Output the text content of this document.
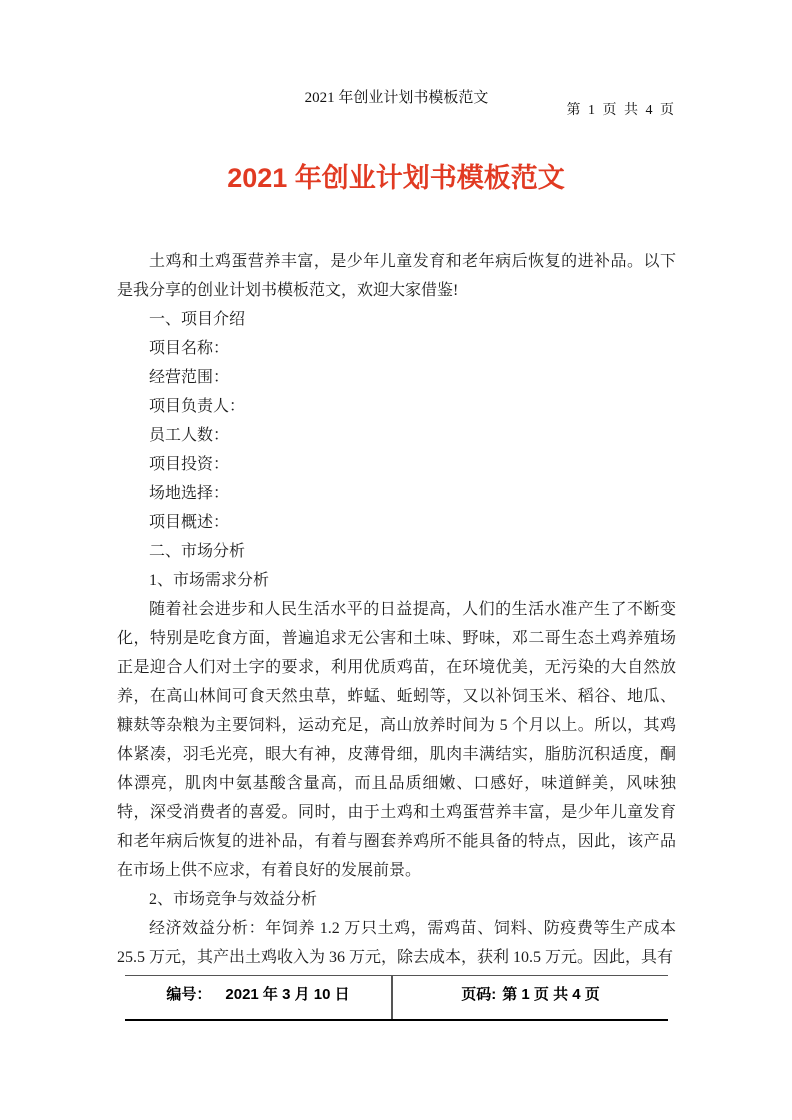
2021 年创业计划书模板范文
第 1 页 共 4 页
2021 年创业计划书模板范文

土鸡和土鸡蛋营养丰富，是少年儿童发育和老年病后恢复的进补品。以下是我分享的创业计划书模板范文，欢迎大家借鉴!

一、项目介绍

项目名称：

经营范围：

项目负责人：

员工人数：

项目投资：

场地选择：

项目概述：

二、市场分析

1、市场需求分析

随着社会进步和人民生活水平的日益提高，人们的生活水准产生了不断变化，特别是吃食方面，普遍追求无公害和土味、野味，邓二哥生态土鸡养殖场正是迎合人们对土字的要求，利用优质鸡苗，在环境优美，无污染的大自然放养，在高山林间可食天然虫草，蚱蜢、蚯蚓等，又以补饲玉米、稻谷、地瓜、糠麸等杂粮为主要饲料，运动充足，高山放养时间为 5 个月以上。所以，其鸡体紧凑，羽毛光亮，眼大有神，皮薄骨细，肌肉丰满结实，脂肪沉积适度，酮体漂亮，肌肉中氨基酸含量高，而且品质细嫩、口感好，味道鲜美，风味独特，深受消费者的喜爱。同时，由于土鸡和土鸡蛋营养丰富，是少年儿童发育和老年病后恢复的进补品，有着与圈套养鸡所不能具备的特点，因此，该产品在市场上供不应求，有着良好的发展前景。

2、市场竞争与效益分析

经济效益分析：年饲养 1.2 万只土鸡，需鸡苗、饲料、防疫费等生产成本 25.5 万元，其产出土鸡收入为 36 万元，除去成本，获利 10.5 万元。因此，具有

编号： 2021 年 3 月 10 日	页码: 第 1 页 共 4 页
